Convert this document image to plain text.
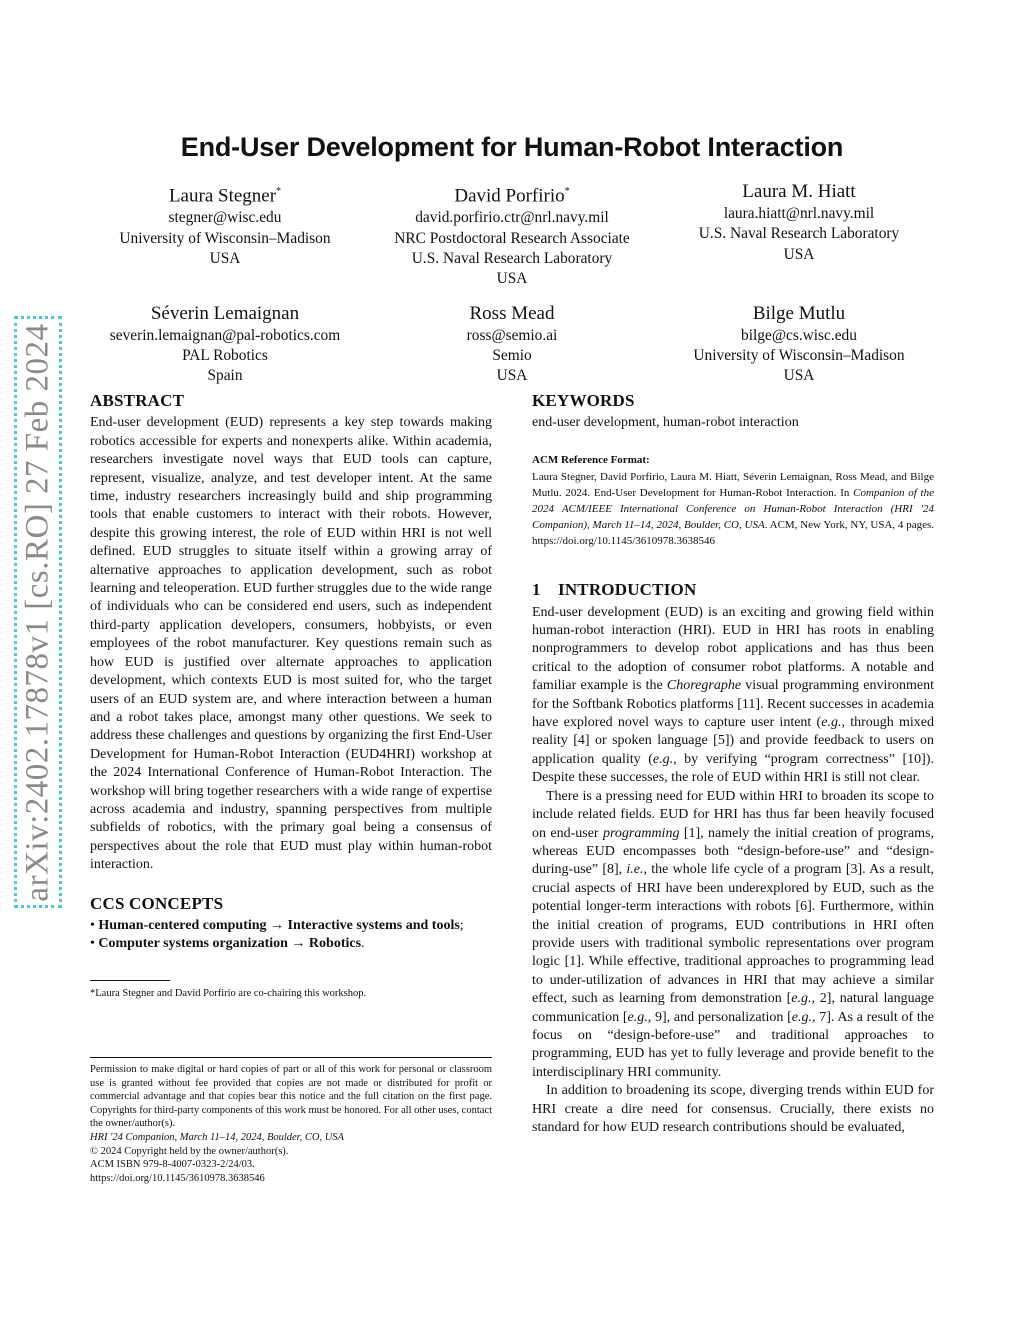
arXiv:2402.17878v1 [cs.RO] 27 Feb 2024
End-User Development for Human-Robot Interaction
Laura Stegner*
stegner@wisc.edu
University of Wisconsin–Madison
USA
David Porfirio*
david.porfirio.ctr@nrl.navy.mil
NRC Postdoctoral Research Associate
U.S. Naval Research Laboratory
USA
Laura M. Hiatt
laura.hiatt@nrl.navy.mil
U.S. Naval Research Laboratory
USA
Séverin Lemaignan
severin.lemaignan@pal-robotics.com
PAL Robotics
Spain
Ross Mead
ross@semio.ai
Semio
USA
Bilge Mutlu
bilge@cs.wisc.edu
University of Wisconsin–Madison
USA
ABSTRACT

End-user development (EUD) represents a key step towards making robotics accessible for experts and nonexperts alike. Within academia, researchers investigate novel ways that EUD tools can capture, represent, visualize, analyze, and test developer intent. At the same time, industry researchers increasingly build and ship programming tools that enable customers to interact with their robots. However, despite this growing interest, the role of EUD within HRI is not well defined. EUD struggles to situate itself within a growing array of alternative approaches to application development, such as robot learning and teleoperation. EUD further struggles due to the wide range of individuals who can be considered end users, such as independent third-party application developers, consumers, hobbyists, or even employees of the robot manufacturer. Key questions remain such as how EUD is justified over alternate approaches to application development, which contexts EUD is most suited for, who the target users of an EUD system are, and where interaction between a human and a robot takes place, amongst many other questions. We seek to address these challenges and questions by organizing the first End-User Development for Human-Robot Interaction (EUD4HRI) workshop at the 2024 International Conference of Human-Robot Interaction. The workshop will bring together researchers with a wide range of expertise across academia and industry, spanning perspectives from multiple subfields of robotics, with the primary goal being a consensus of perspectives about the role that EUD must play within human-robot interaction.

CCS CONCEPTS

• Human-centered computing → Interactive systems and tools;

• Computer systems organization → Robotics.

*Laura Stegner and David Porfirio are co-chairing this workshop.

Permission to make digital or hard copies of part or all of this work for personal or classroom use is granted without fee provided that copies are not made or distributed for profit or commercial advantage and that copies bear this notice and the full citation on the first page. Copyrights for third-party components of this work must be honored. For all other uses, contact the owner/author(s).

HRI '24 Companion, March 11–14, 2024, Boulder, CO, USA

© 2024 Copyright held by the owner/author(s).

ACM ISBN 979-8-4007-0323-2/24/03.

https://doi.org/10.1145/3610978.3638546

KEYWORDS

end-user development, human-robot interaction

ACM Reference Format:

Laura Stegner, David Porfirio, Laura M. Hiatt, Séverin Lemaignan, Ross Mead, and Bilge Mutlu. 2024. End-User Development for Human-Robot Interaction. In Companion of the 2024 ACM/IEEE International Conference on Human-Robot Interaction (HRI '24 Companion), March 11–14, 2024, Boulder, CO, USA. ACM, New York, NY, USA, 4 pages. https://doi.org/10.1145/3610978.3638546

1 INTRODUCTION

End-user development (EUD) is an exciting and growing field within human-robot interaction (HRI). EUD in HRI has roots in enabling nonprogrammers to develop robot applications and has thus been critical to the adoption of consumer robot platforms. A notable and familiar example is the Choregraphe visual programming environment for the Softbank Robotics platforms [11]. Recent successes in academia have explored novel ways to capture user intent (e.g., through mixed reality [4] or spoken language [5]) and provide feedback to users on application quality (e.g., by verifying “program correctness” [10]). Despite these successes, the role of EUD within HRI is still not clear.

There is a pressing need for EUD within HRI to broaden its scope to include related fields. EUD for HRI has thus far been heavily focused on end-user programming [1], namely the initial creation of programs, whereas EUD encompasses both “design-before-use” and “design-during-use” [8], i.e., the whole life cycle of a program [3]. As a result, crucial aspects of HRI have been underexplored by EUD, such as the potential longer-term interactions with robots [6]. Furthermore, within the initial creation of programs, EUD contributions in HRI often provide users with traditional symbolic representations over program logic [1]. While effective, traditional approaches to programming lead to under-utilization of advances in HRI that may achieve a similar effect, such as learning from demonstration [e.g., 2], natural language communication [e.g., 9], and personalization [e.g., 7]. As a result of the focus on “design-before-use” and traditional approaches to programming, EUD has yet to fully leverage and provide benefit to the interdisciplinary HRI community.

In addition to broadening its scope, diverging trends within EUD for HRI create a dire need for consensus. Crucially, there exists no standard for how EUD research contributions should be evaluated,
